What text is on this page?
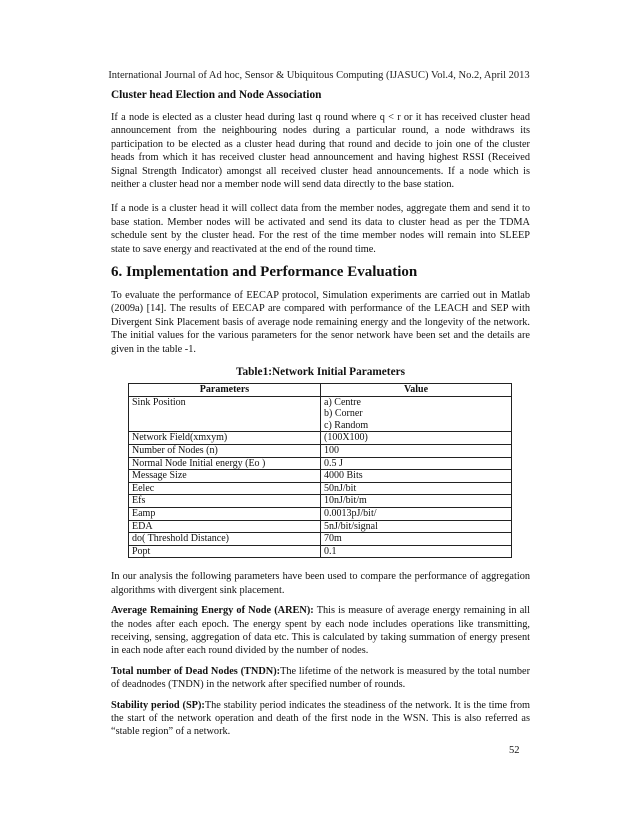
International Journal of Ad hoc, Sensor & Ubiquitous Computing (IJASUC) Vol.4, No.2, April 2013
Cluster head Election and Node Association

If a node is elected as a cluster head during last q round where q < r or it has received cluster head announcement from the neighbouring nodes during a particular round, a node withdraws its participation to be elected as a cluster head during that round and decide to join one of the cluster heads from which it has received cluster head announcement and having highest RSSI (Received Signal Strength Indicator) amongst all received cluster head announcements. If a node which is neither a cluster head nor a member node will send data directly to the base station.

If a node is a cluster head it will collect data from the member nodes, aggregate them and send it to base station. Member nodes will be activated and send its data to cluster head as per the TDMA schedule sent by the cluster head. For the rest of the time member nodes will remain into SLEEP state to save energy and reactivated at the end of the round time.

6. Implementation and Performance Evaluation

To evaluate the performance of EECAP protocol, Simulation experiments are carried out in Matlab (2009a) [14]. The results of EECAP are compared with performance of the LEACH and SEP with Divergent Sink Placement basis of average node remaining energy and the longevity of the network. The initial values for the various parameters for the senor network have been set and the details are given in the table -1.

Table1:Network Initial Parameters
Parameters	Value
Sink Position	a) Centre
b) Corner
c) Random

Network Field(xmxym)	(100X100)
Number of Nodes (n)	100
Normal Node Initial energy (Eo )	0.5 J
Message Size	4000 Bits
Eelec	50nJ/bit
Efs	10nJ/bit/m
Eamp	0.0013pJ/bit/
EDA	5nJ/bit/signal
do( Threshold Distance)	70m
Popt	0.1

In our analysis the following parameters have been used to compare the performance of aggregation algorithms with divergent sink placement.

Average Remaining Energy of Node (AREN): This is measure of average energy remaining in all the nodes after each epoch. The energy spent by each node includes operations like transmitting, receiving, sensing, aggregation of data etc. This is calculated by taking summation of energy present in each node after each round divided by the number of nodes.

Total number of Dead Nodes (TNDN):The lifetime of the network is measured by the total number of deadnodes (TNDN) in the network after specified number of rounds.

Stability period (SP):The stability period indicates the steadiness of the network. It is the time from the start of the network operation and death of the first node in the WSN. This is also referred as “stable region” of a network.

52
